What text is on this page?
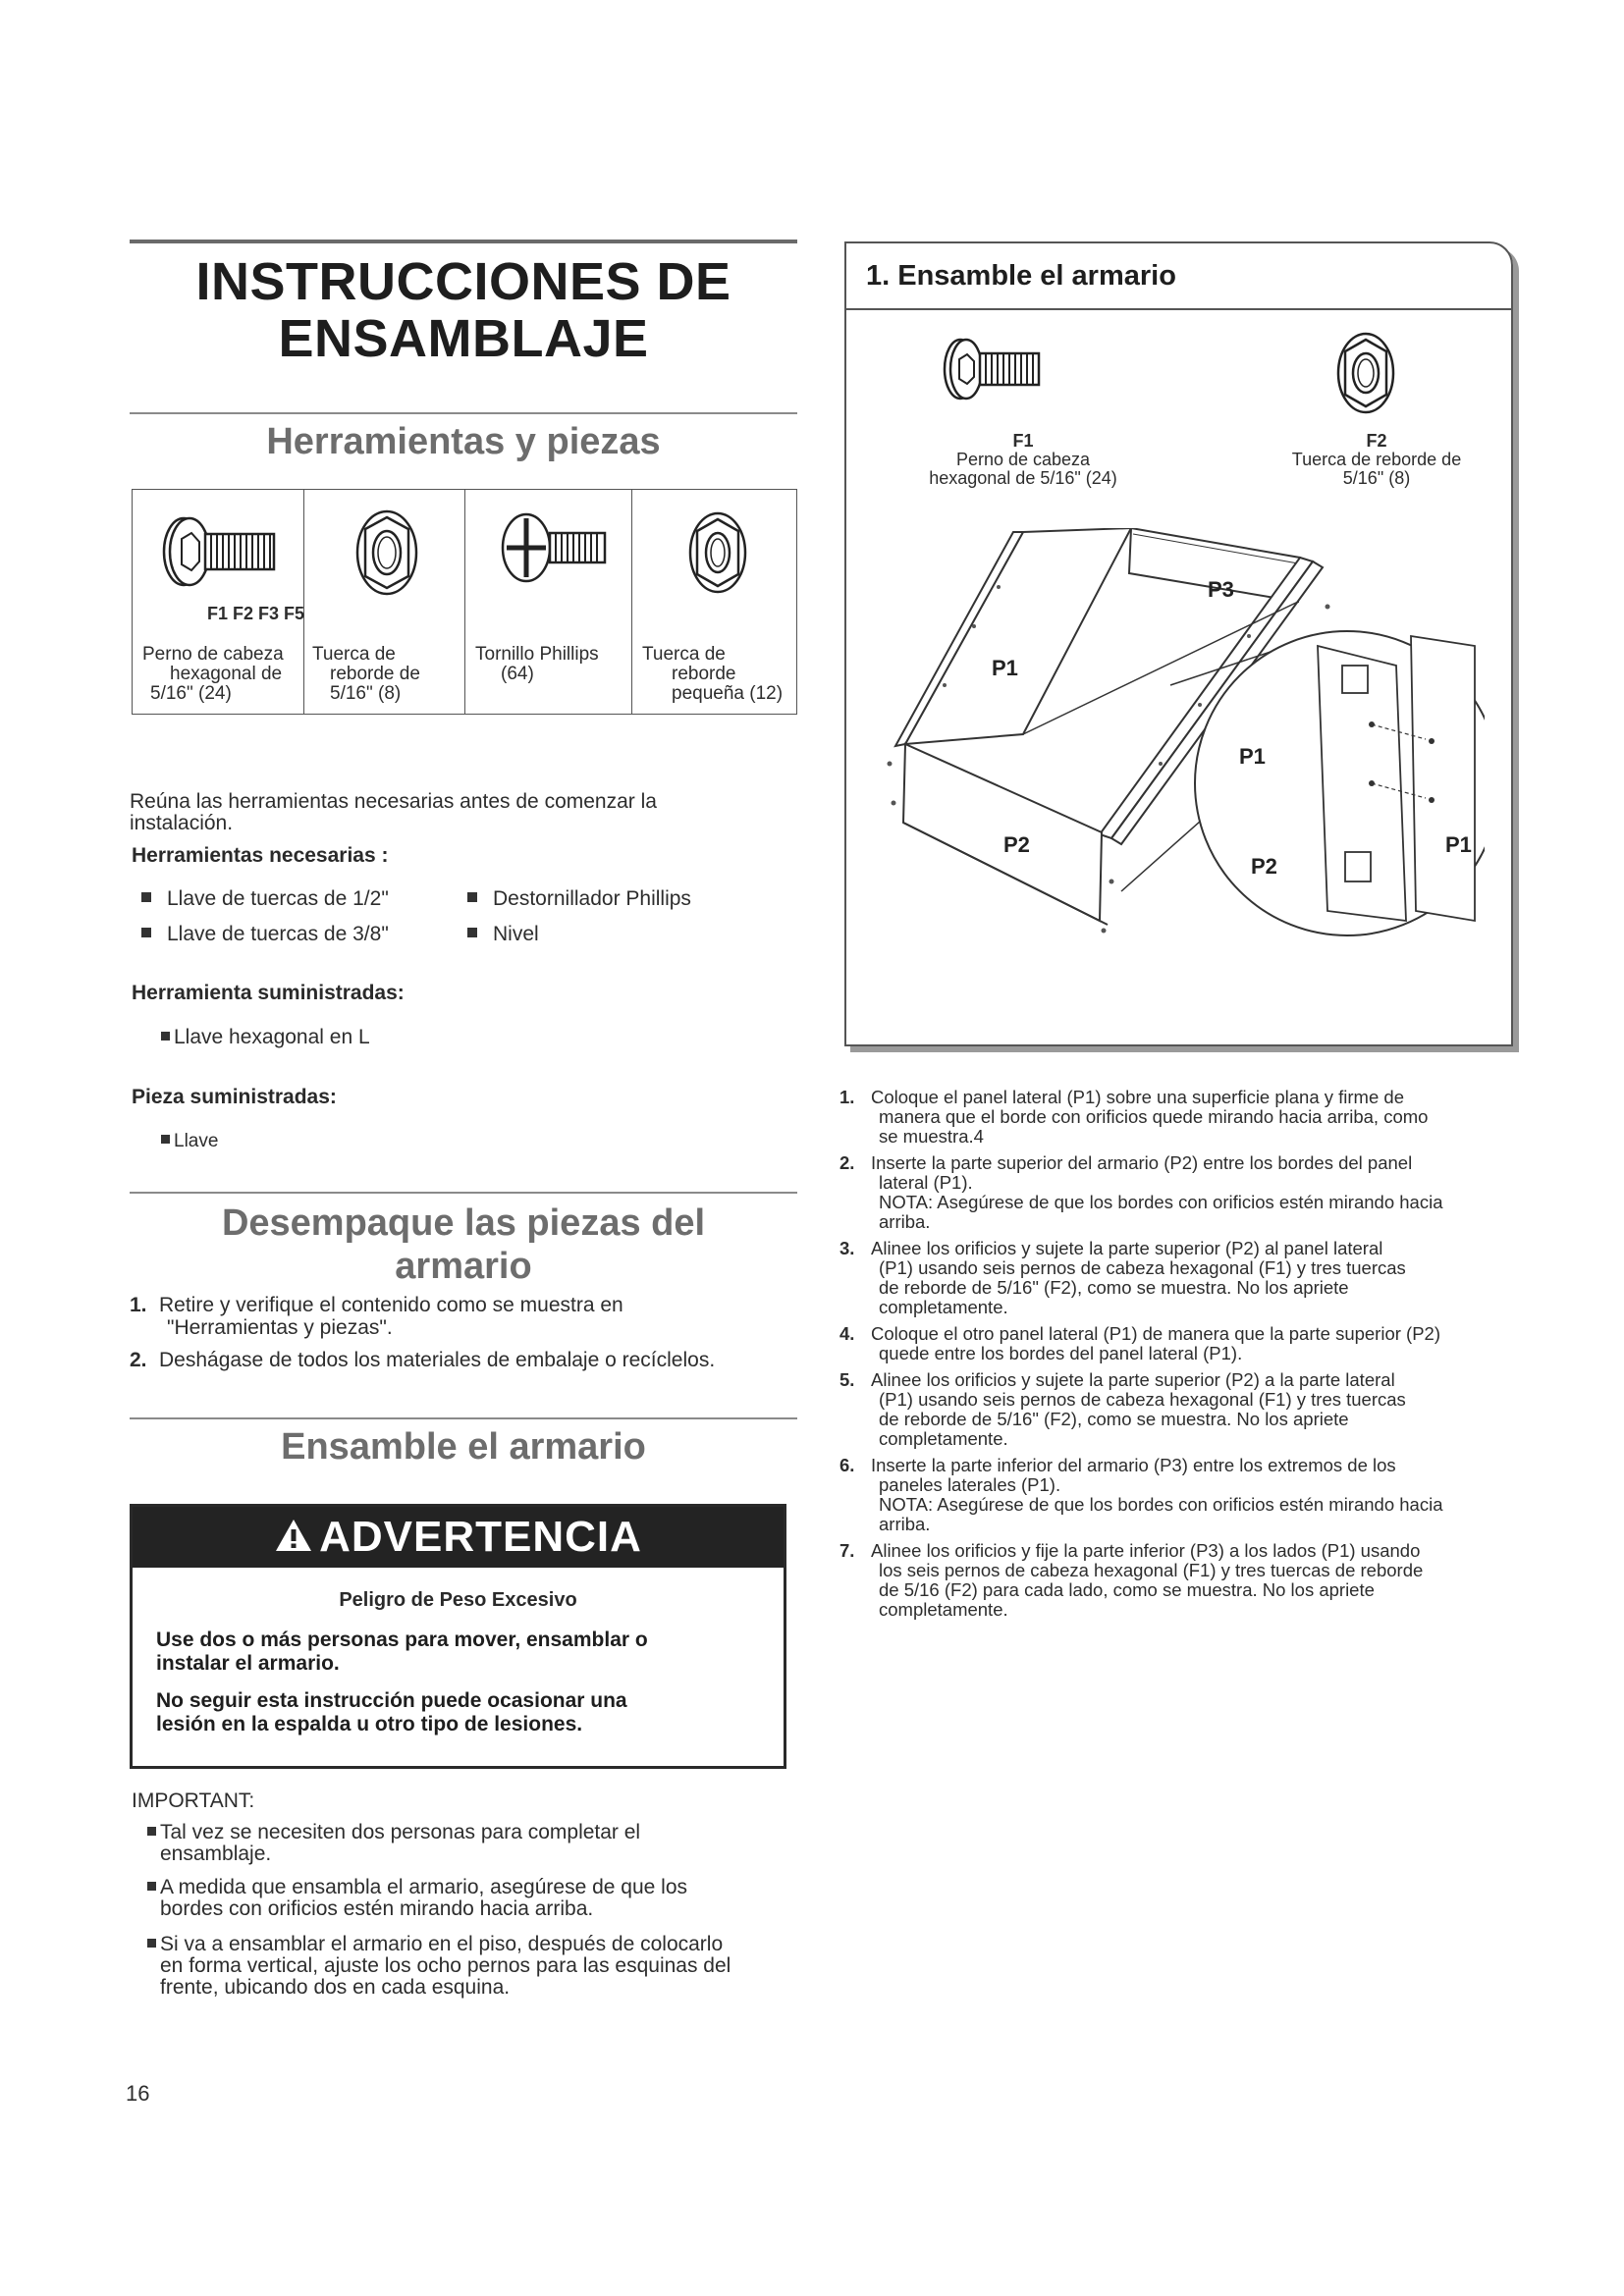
INSTRUCCIONES DE
ENSAMBLAJE
Herramientas y piezas
F1 F2 F3 F5
Perno de cabeza
hexagonal de
5/16" (24)
Tuerca de
reborde de
5/16" (8)
Tornillo Phillips
(64)
Tuerca de
reborde
pequeña (12)
Reúna las herramientas necesarias antes de comenzar la
instalación.
Herramientas necesarias :
Llave de tuercas de 1/2"	Destornillador Phillips
Llave de tuercas de 3/8"	Nivel
Herramienta suministradas:
Llave hexagonal en L
Pieza suministradas:
Llave
Desempaque las piezas del
armario
1. Retire y verifique el contenido como se muestra en
"Herramientas y piezas".
2. Deshágase de todos los materiales de embalaje o recíclelos.
Ensamble el armario
ADVERTENCIA
Peligro de Peso Excesivo
Use dos o más personas para mover, ensamblar o
instalar el armario.
No seguir esta instrucción puede ocasionar una
lesión en la espalda u otro tipo de lesiones.
IMPORTANT:
Tal vez se necesiten dos personas para completar el
ensamblaje.
A medida que ensambla el armario, asegúrese de que los
bordes con orificios estén mirando hacia arriba.
Si va a ensamblar el armario en el piso, después de colocarlo
en forma vertical, ajuste los ocho pernos para las esquinas del
frente, ubicando dos en cada esquina.
16
1. Ensamble el armario
F1
Perno de cabeza
hexagonal de 5/16" (24)
F2
Tuerca de reborde de
5/16" (8)
P3
P1
P1
P2
P2
P1
1. Coloque el panel lateral (P1) sobre una superficie plana y firme de
manera que el borde con orificios quede mirando hacia arriba, como
se muestra.4
2. Inserte la parte superior del armario (P2) entre los bordes del panel
lateral (P1).
NOTA: Asegúrese de que los bordes con orificios estén mirando hacia
arriba.
3. Alinee los orificios y sujete la parte superior (P2) al panel lateral
(P1) usando seis pernos de cabeza hexagonal (F1) y tres tuercas
de reborde de 5/16" (F2), como se muestra. No los apriete
completamente.
4. Coloque el otro panel lateral (P1) de manera que la parte superior (P2)
quede entre los bordes del panel lateral (P1).
5. Alinee los orificios y sujete la parte superior (P2) a la parte lateral
(P1) usando seis pernos de cabeza hexagonal (F1) y tres tuercas
de reborde de 5/16" (F2), como se muestra. No los apriete
completamente.
6. Inserte la parte inferior del armario (P3) entre los extremos de los
paneles laterales (P1).
NOTA: Asegúrese de que los bordes con orificios estén mirando hacia
arriba.
7. Alinee los orificios y fije la parte inferior (P3) a los lados (P1) usando
los seis pernos de cabeza hexagonal (F1) y tres tuercas de reborde
de 5/16 (F2) para cada lado, como se muestra. No los apriete
completamente.
